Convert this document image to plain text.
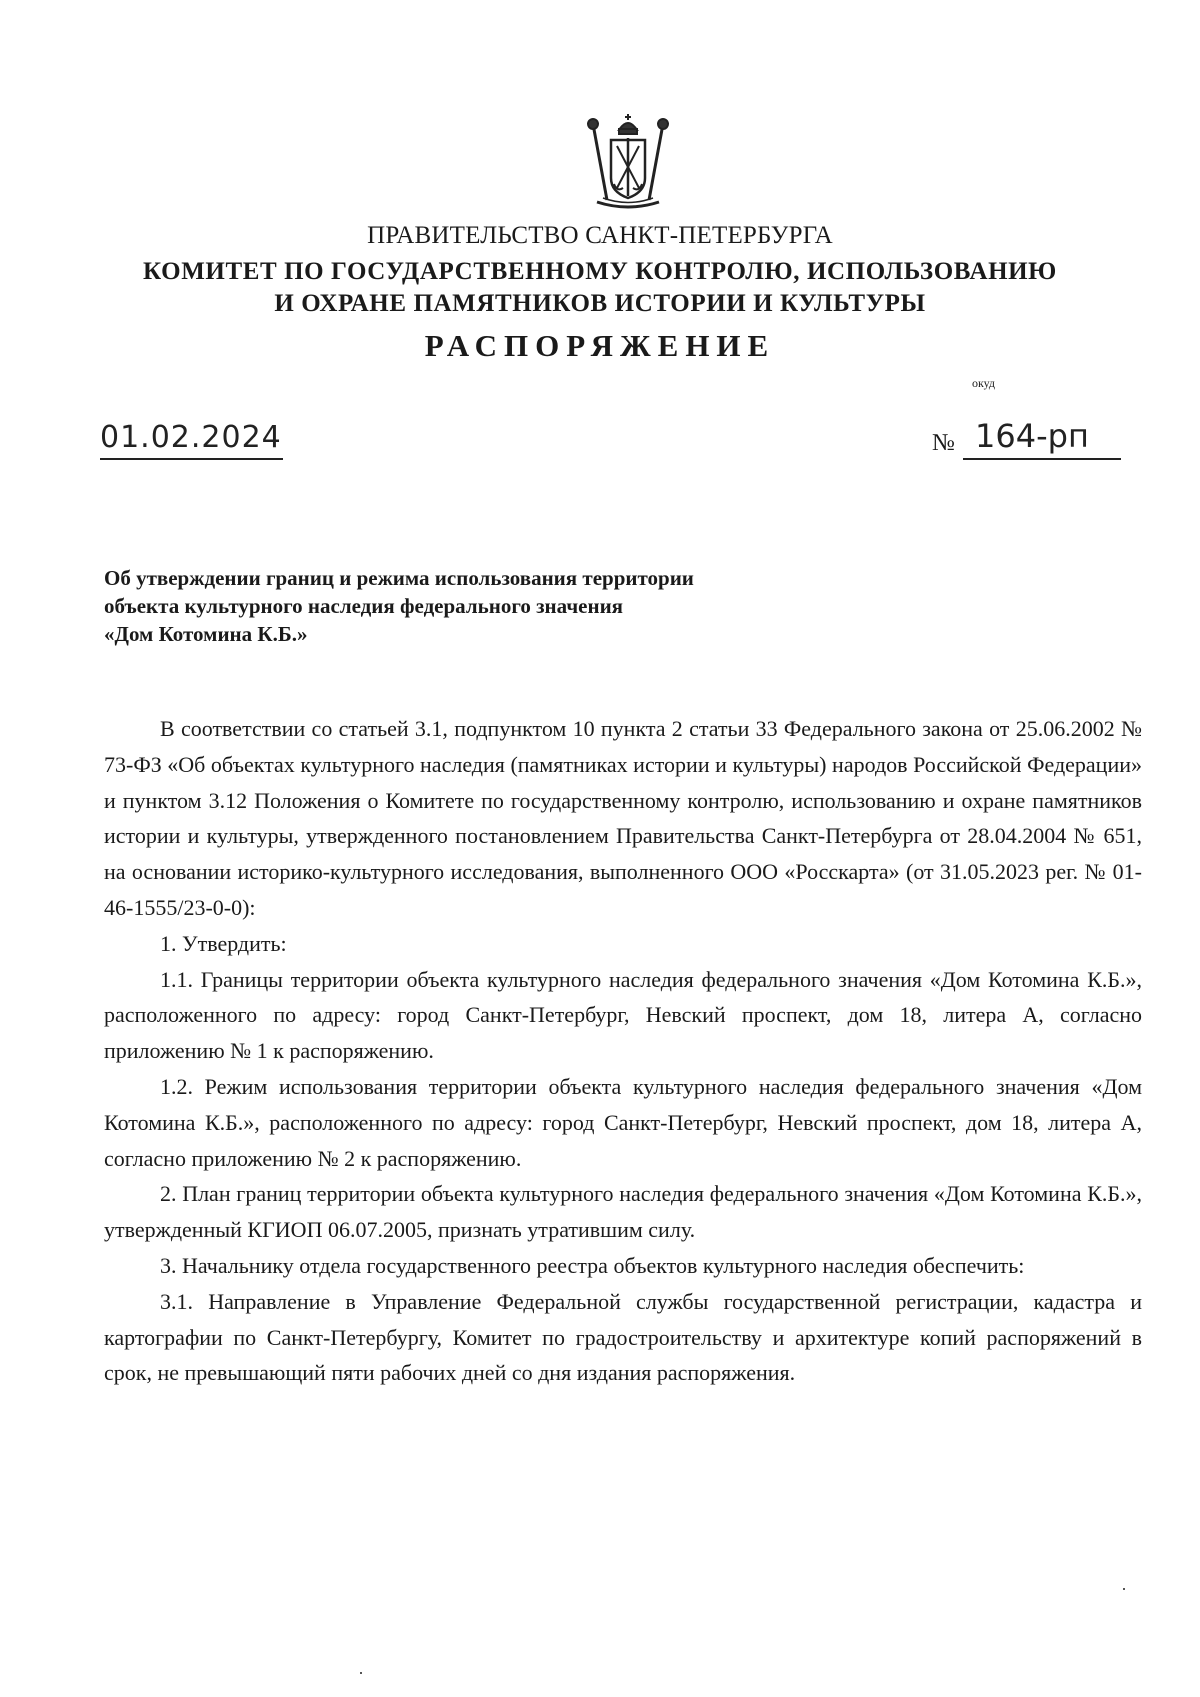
ПРАВИТЕЛЬСТВО САНКТ-ПЕТЕРБУРГА
КОМИТЕТ ПО ГОСУДАРСТВЕННОМУ КОНТРОЛЮ, ИСПОЛЬЗОВАНИЮ
И ОХРАНЕ ПАМЯТНИКОВ ИСТОРИИ И КУЛЬТУРЫ
РАСПОРЯЖЕНИЕ
окуд
01.02.2024	№ 164-рп
Об утверждении границ и режима использования территории
объекта культурного наследия федерального значения
«Дом Котомина К.Б.»

В соответствии со статьей 3.1, подпунктом 10 пункта 2 статьи 33 Федерального закона от 25.06.2002 № 73-ФЗ «Об объектах культурного наследия (памятниках истории и культуры) народов Российской Федерации» и пунктом 3.12 Положения о Комитете по государственному контролю, использованию и охране памятников истории и культуры, утвержденного постановлением Правительства Санкт-Петербурга от 28.04.2004 № 651, на основании историко-культурного исследования, выполненного ООО «Росскарта» (от 31.05.2023 рег. № 01-46-1555/23-0-0):

1. Утвердить:

1.1. Границы территории объекта культурного наследия федерального значения «Дом Котомина К.Б.», расположенного по адресу: город Санкт-Петербург, Невский проспект, дом 18, литера А, согласно приложению № 1 к распоряжению.

1.2. Режим использования территории объекта культурного наследия федерального значения «Дом Котомина К.Б.», расположенного по адресу: город Санкт-Петербург, Невский проспект, дом 18, литера А, согласно приложению № 2 к распоряжению.

2. План границ территории объекта культурного наследия федерального значения «Дом Котомина К.Б.», утвержденный КГИОП 06.07.2005, признать утратившим силу.

3. Начальнику отдела государственного реестра объектов культурного наследия обеспечить:

3.1. Направление в Управление Федеральной службы государственной регистрации, кадастра и картографии по Санкт-Петербургу, Комитет по градостроительству и архитектуре копий распоряжений в срок, не превышающий пяти рабочих дней со дня издания распоряжения.
